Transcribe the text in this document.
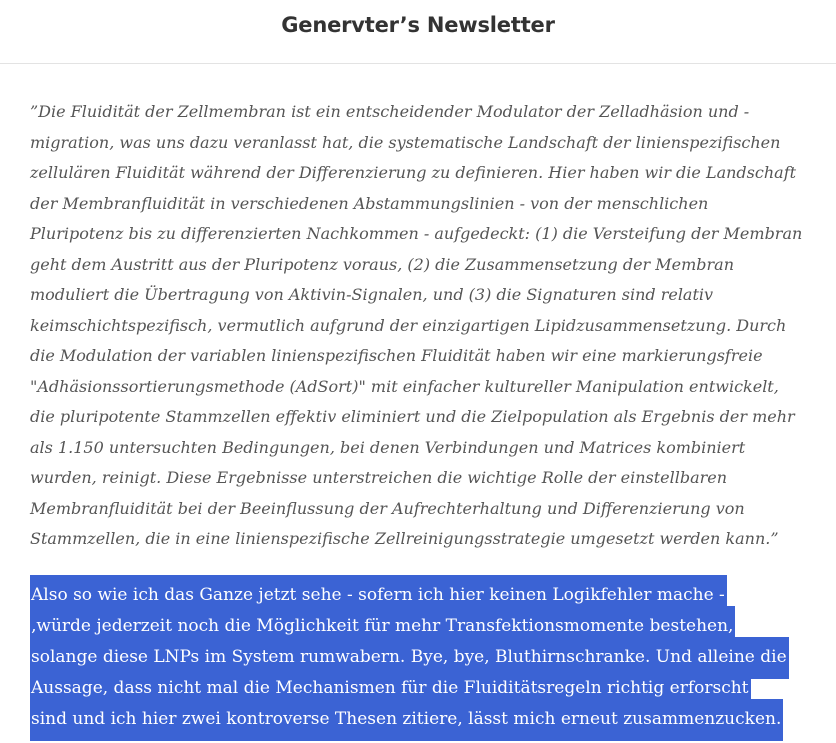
Genervter’s Newsletter
”Die Fluidität der Zellmembran ist ein entscheidender Modulator der Zelladhäsion und -
migration, was uns dazu veranlasst hat, die systematische Landschaft der linienspezifischen
zellulären Fluidität während der Differenzierung zu definieren. Hier haben wir die Landschaft
der Membranfluidität in verschiedenen Abstammungslinien - von der menschlichen
Pluripotenz bis zu differenzierten Nachkommen - aufgedeckt: (1) die Versteifung der Membran
geht dem Austritt aus der Pluripotenz voraus, (2) die Zusammensetzung der Membran
moduliert die Übertragung von Aktivin-Signalen, und (3) die Signaturen sind relativ
keimschichtspezifisch, vermutlich aufgrund der einzigartigen Lipidzusammensetzung. Durch
die Modulation der variablen linienspezifischen Fluidität haben wir eine markierungsfreie
"Adhäsionssortierungsmethode (AdSort)" mit einfacher kultureller Manipulation entwickelt,
die pluripotente Stammzellen effektiv eliminiert und die Zielpopulation als Ergebnis der mehr
als 1.150 untersuchten Bedingungen, bei denen Verbindungen und Matrices kombiniert
wurden, reinigt. Diese Ergebnisse unterstreichen die wichtige Rolle der einstellbaren
Membranfluidität bei der Beeinflussung der Aufrechterhaltung und Differenzierung von
Stammzellen, die in eine linienspezifische Zellreinigungsstrategie umgesetzt werden kann.”
Also so wie ich das Ganze jetzt sehe - sofern ich hier keinen Logikfehler mache -
‚würde jederzeit noch die Möglichkeit für mehr Transfektionsmomente bestehen,
solange diese LNPs im System rumwabern. Bye, bye, Bluthirnschranke. Und alleine die
Aussage, dass nicht mal die Mechanismen für die Fluiditätsregeln richtig erforscht
sind und ich hier zwei kontroverse Thesen zitiere, lässt mich erneut zusammenzucken.
